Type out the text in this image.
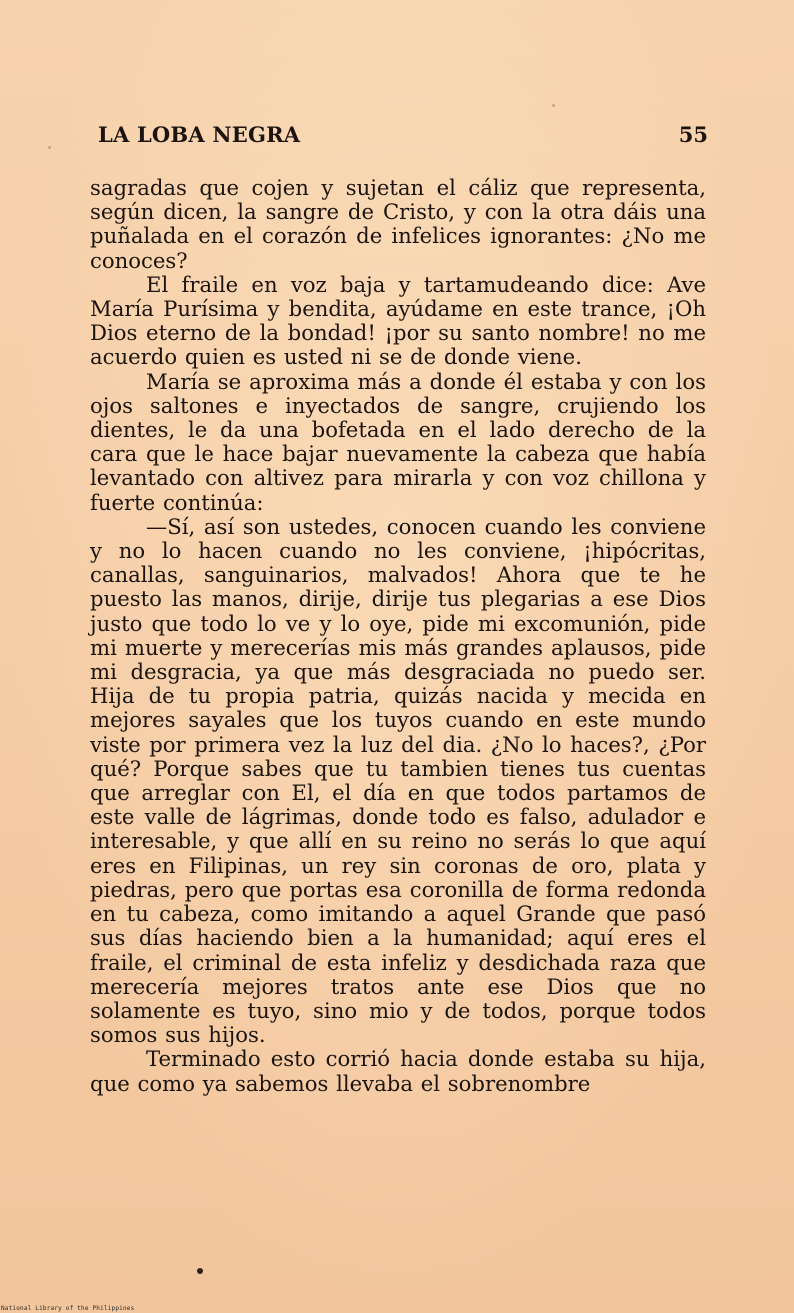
LA LOBA NEGRA	55

sagradas que cojen y sujetan el cáliz que representa, según dicen, la sangre de Cristo, y con la otra dáis una puñalada en el corazón de infelices ignorantes: ¿No me conoces?

El fraile en voz baja y tartamudeando dice: Ave María Purísima y bendita, ayúdame en este trance, ¡Oh Dios eterno de la bondad! ¡por su santo nombre! no me acuerdo quien es usted ni se de donde viene.

María se aproxima más a donde él estaba y con los ojos saltones e inyectados de sangre, crujiendo los dientes, le da una bofetada en el lado derecho de la cara que le hace bajar nuevamente la cabeza que había levantado con altivez para mirarla y con voz chillona y fuerte continúa:

—Sí, así son ustedes, conocen cuando les conviene y no lo hacen cuando no les conviene, ¡hipócritas, canallas, sanguinarios, malvados! Ahora que te he puesto las manos, dirije, dirije tus plegarias a ese Dios justo que todo lo ve y lo oye, pide mi excomunión, pide mi muerte y merecerías mis más grandes aplausos, pide mi desgracia, ya que más desgraciada no puedo ser. Hija de tu propia patria, quizás nacida y mecida en mejores sayales que los tuyos cuando en este mundo viste por primera vez la luz del dia. ¿No lo haces?, ¿Por qué? Porque sabes que tu tambien tienes tus cuentas que arreglar con El, el día en que todos partamos de este valle de lágrimas, donde todo es falso, adulador e interesable, y que allí en su reino no serás lo que aquí eres en Filipinas, un rey sin coronas de oro, plata y piedras, pero que portas esa coronilla de forma redonda en tu cabeza, como imitando a aquel Grande que pasó sus días haciendo bien a la humanidad; aquí eres el fraile, el criminal de esta infeliz y desdichada raza que merecería mejores tratos ante ese Dios que no solamente es tuyo, sino mio y de todos, porque todos somos sus hijos.

Terminado esto corrió hacia donde estaba su hija, que como ya sabemos llevaba el sobrenombre

National Library of the Philippines
